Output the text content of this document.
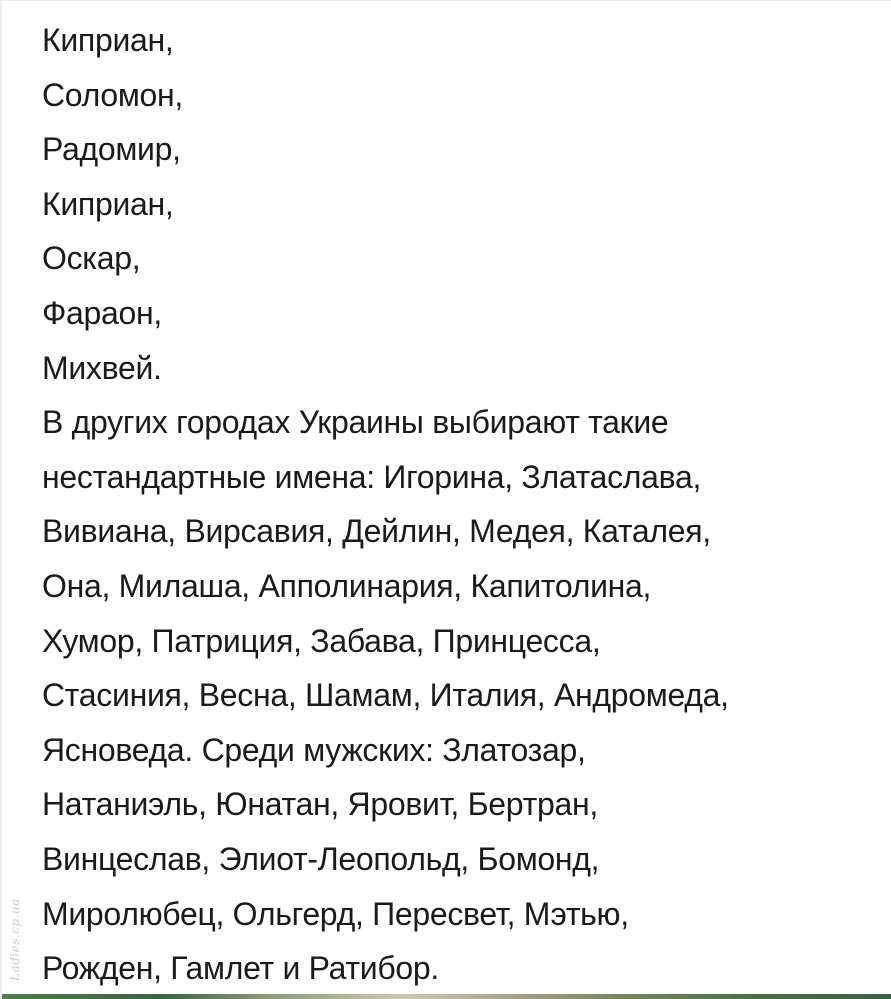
Киприан,
Соломон,
Радомир,
Киприан,
Оскар,
Фараон,
Михвей.

В других городах Украины выбирают такие
нестандартные имена: Игорина, Златаслава,
Вивиана, Вирсавия, Дейлин, Медея, Каталея,
Она, Милаша, Апполинария, Капитолина,
Хумор, Патриция, Забава, Принцесса,
Стасиния, Весна, Шамам, Италия, Андромеда,
Ясноведа. Среди мужских: Златозар,
Натаниэль, Юнатан, Яровит, Бертран,
Винцеслав, Элиот-Леопольд, Бомонд,
Миролюбец, Ольгерд, Пересвет, Мэтью,
Рожден, Гамлет и Ратибор.

Ladies.cp.ua
